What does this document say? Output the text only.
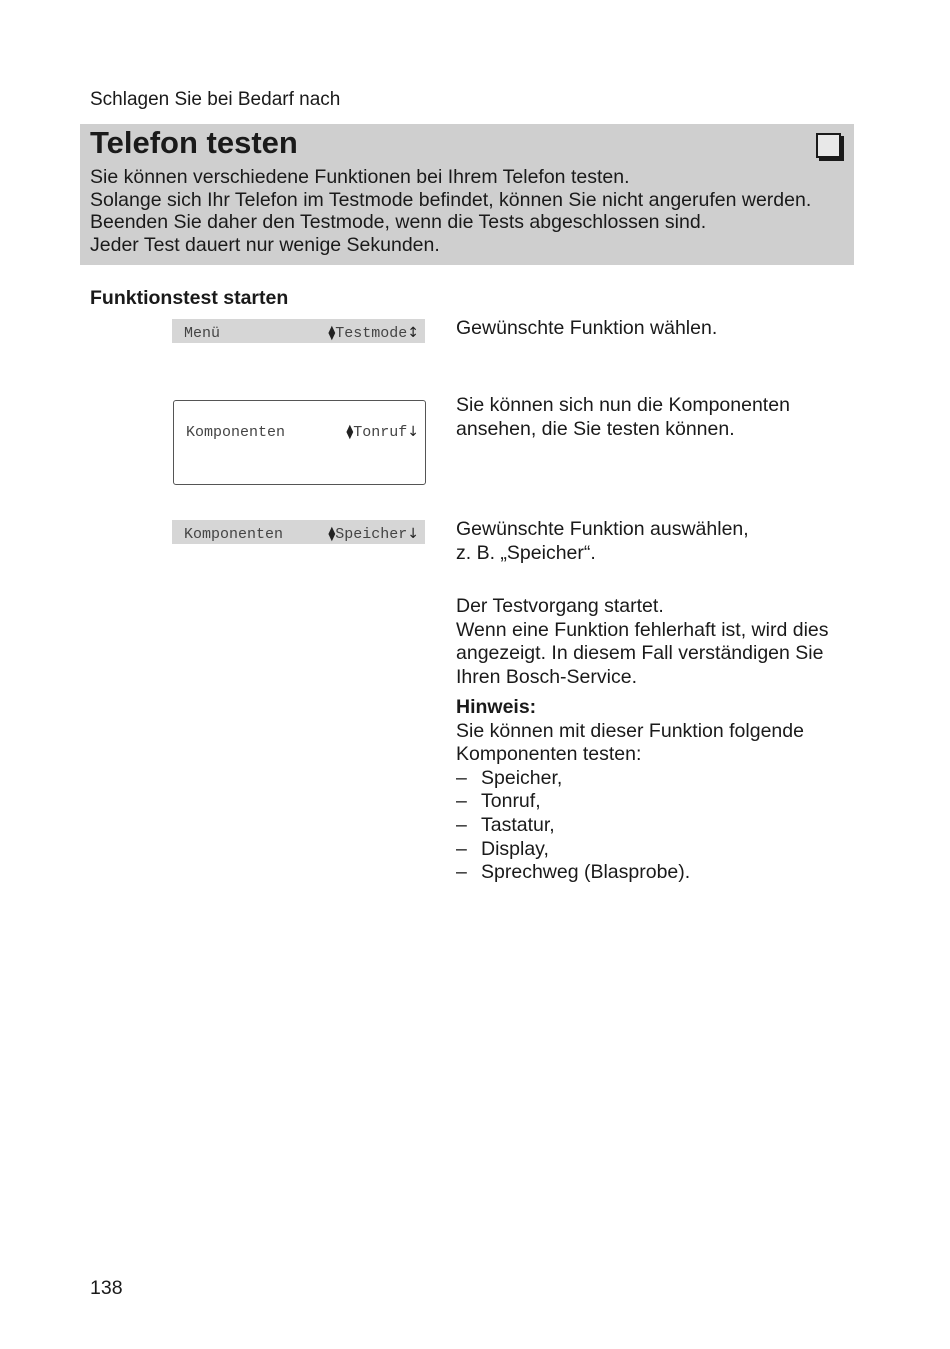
Schlagen Sie bei Bedarf nach
Telefon testen
Sie können verschiedene Funktionen bei Ihrem Telefon testen.
Solange sich Ihr Telefon im Testmode befindet, können Sie nicht angerufen werden.
Beenden Sie daher den Testmode, wenn die Tests abgeschlossen sind.
Jeder Test dauert nur wenige Sekunden.
Funktionstest starten
Menü	⧫Testmode↕
Komponenten	⧫Tonruf↓
Komponenten	⧫Speicher↓
Gewünschte Funktion wählen.
Sie können sich nun die Komponenten
ansehen, die Sie testen können.
Gewünschte Funktion auswählen,
z. B. „Speicher“.
Der Testvorgang startet.
Wenn eine Funktion fehlerhaft ist, wird dies
angezeigt. In diesem Fall verständigen Sie
Ihren Bosch-Service.
Hinweis:
Sie können mit dieser Funktion folgende
Komponenten testen:
– Speicher,
– Tonruf,
– Tastatur,
– Display,
– Sprechweg (Blasprobe).
138
